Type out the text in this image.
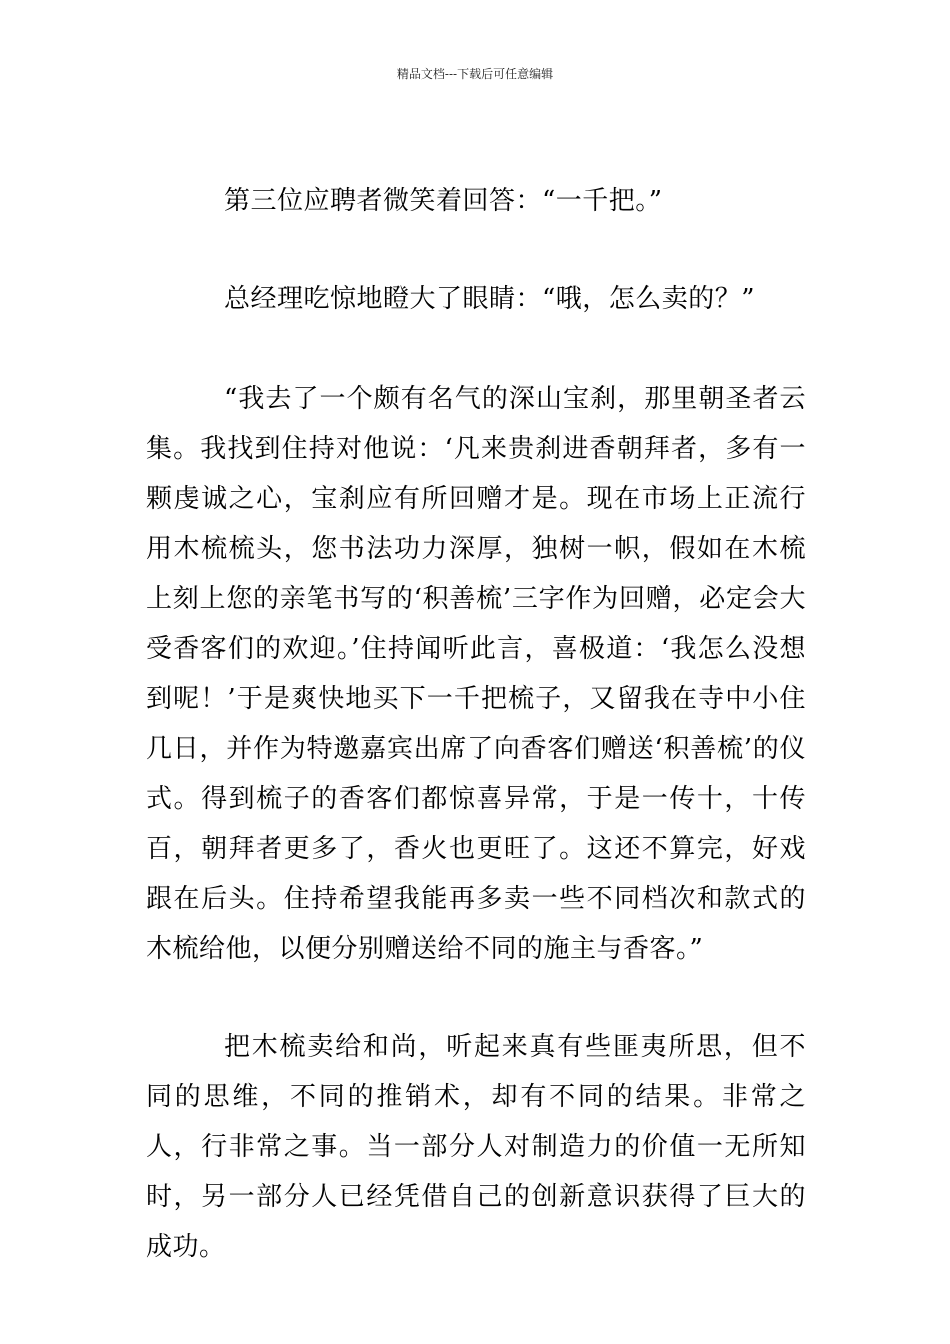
精品文档---下载后可任意编辑

第三位应聘者微笑着回答：“一千把。”

总经理吃惊地瞪大了眼睛：“哦，怎么卖的？”

“我去了一个颇有名气的深山宝刹，那里朝圣者云集。我找到住持对他说：‘凡来贵刹进香朝拜者，多有一颗虔诚之心，宝刹应有所回赠才是。现在市场上正流行用木梳梳头，您书法功力深厚，独树一帜，假如在木梳上刻上您的亲笔书写的‘积善梳’三字作为回赠，必定会大受香客们的欢迎。’住持闻听此言，喜极道：‘我怎么没想到呢！’于是爽快地买下一千把梳子，又留我在寺中小住几日，并作为特邀嘉宾出席了向香客们赠送‘积善梳’的仪式。得到梳子的香客们都惊喜异常，于是一传十，十传百，朝拜者更多了，香火也更旺了。这还不算完，好戏跟在后头。住持希望我能再多卖一些不同档次和款式的木梳给他，以便分别赠送给不同的施主与香客。”

把木梳卖给和尚，听起来真有些匪夷所思，但不同的思维，不同的推销术，却有不同的结果。非常之人，行非常之事。当一部分人对制造力的价值一无所知时，另一部分人已经凭借自己的创新意识获得了巨大的成功。
